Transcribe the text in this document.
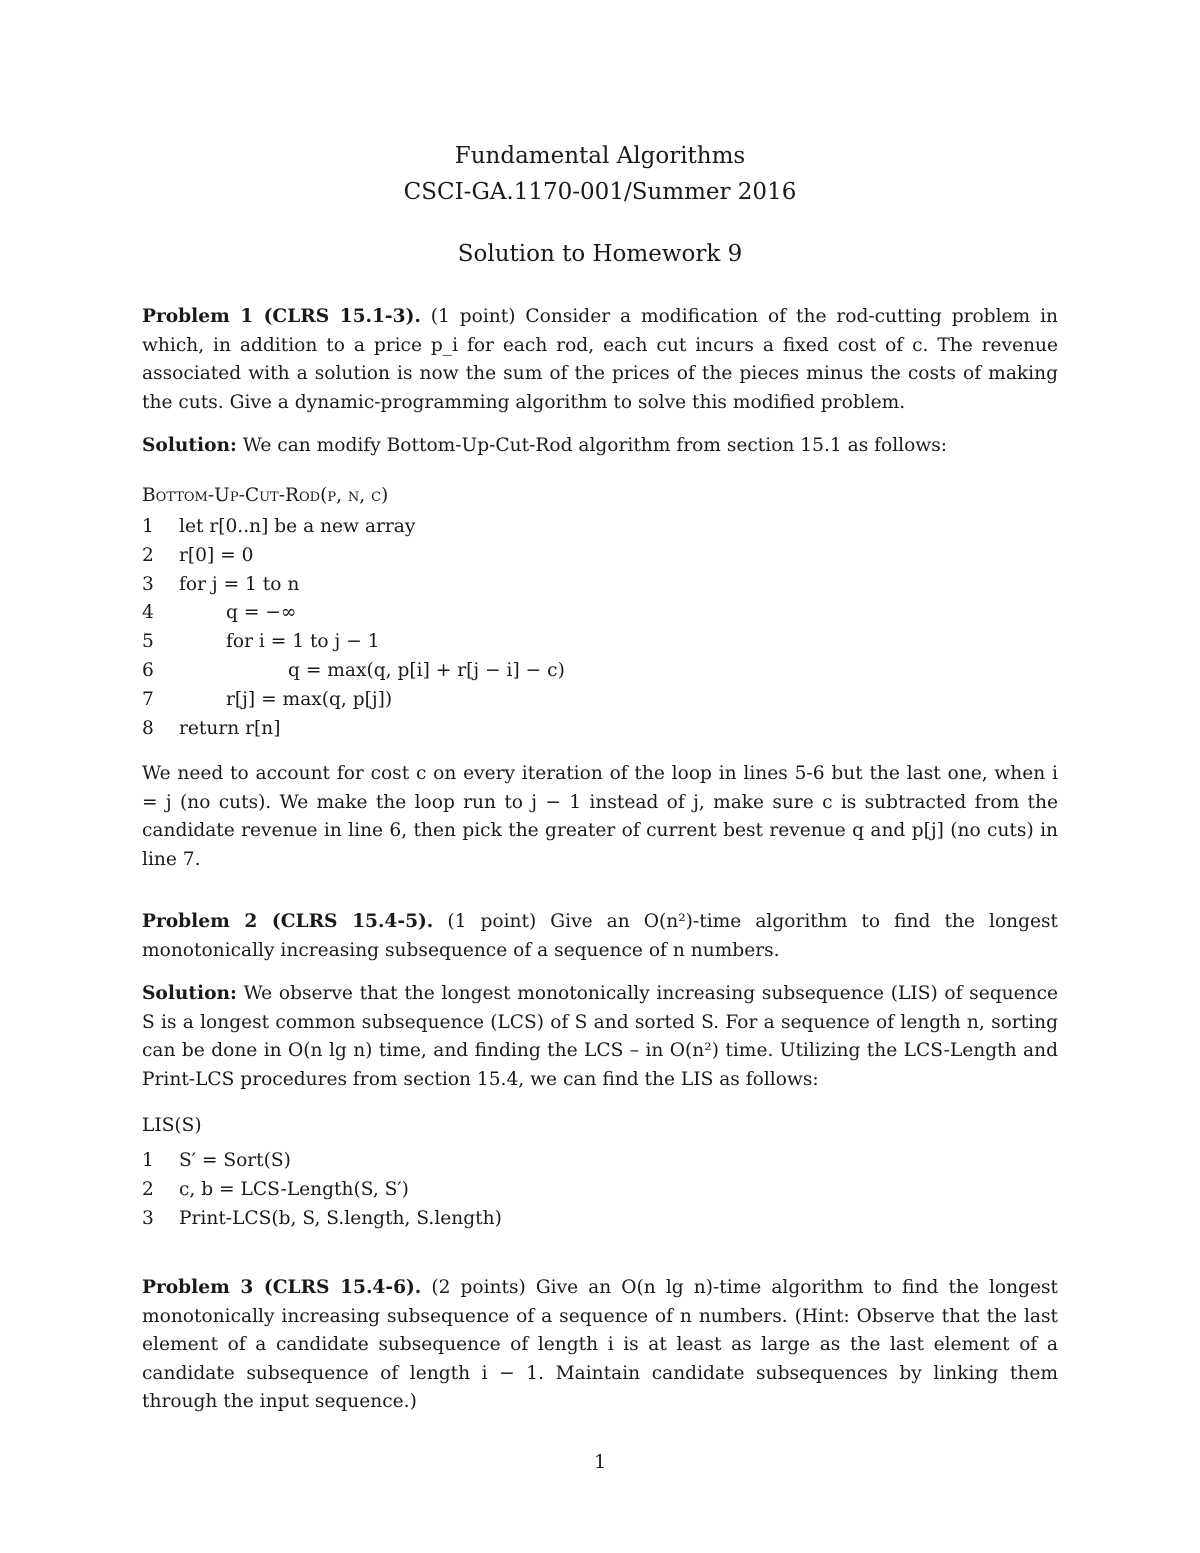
Fundamental Algorithms
CSCI-GA.1170-001/Summer 2016
Solution to Homework 9
Problem 1 (CLRS 15.1-3). (1 point) Consider a modification of the rod-cutting problem in which, in addition to a price p_i for each rod, each cut incurs a fixed cost of c. The revenue associated with a solution is now the sum of the prices of the pieces minus the costs of making the cuts. Give a dynamic-programming algorithm to solve this modified problem.
Solution: We can modify Bottom-Up-Cut-Rod algorithm from section 15.1 as follows:
Bottom-Up-Cut-Rod(p, n, c)
1	let r[0..n] be a new array
2	r[0] = 0
3	for j = 1 to n
4	q = −∞
5	for i = 1 to j − 1
6	q = max(q, p[i] + r[j − i] − c)
7	r[j] = max(q, p[j])
8	return r[n]
We need to account for cost c on every iteration of the loop in lines 5-6 but the last one, when i = j (no cuts). We make the loop run to j − 1 instead of j, make sure c is subtracted from the candidate revenue in line 6, then pick the greater of current best revenue q and p[j] (no cuts) in line 7.
Problem 2 (CLRS 15.4-5). (1 point) Give an O(n²)-time algorithm to find the longest monotonically increasing subsequence of a sequence of n numbers.
Solution: We observe that the longest monotonically increasing subsequence (LIS) of sequence S is a longest common subsequence (LCS) of S and sorted S. For a sequence of length n, sorting can be done in O(n lg n) time, and finding the LCS – in O(n²) time. Utilizing the LCS-Length and Print-LCS procedures from section 15.4, we can find the LIS as follows:
LIS(S)
1	S′ = Sort(S)
2	c, b = LCS-Length(S, S′)
3	Print-LCS(b, S, S.length, S.length)
Problem 3 (CLRS 15.4-6). (2 points) Give an O(n lg n)-time algorithm to find the longest monotonically increasing subsequence of a sequence of n numbers. (Hint: Observe that the last element of a candidate subsequence of length i is at least as large as the last element of a candidate subsequence of length i − 1. Maintain candidate subsequences by linking them through the input sequence.)
1
